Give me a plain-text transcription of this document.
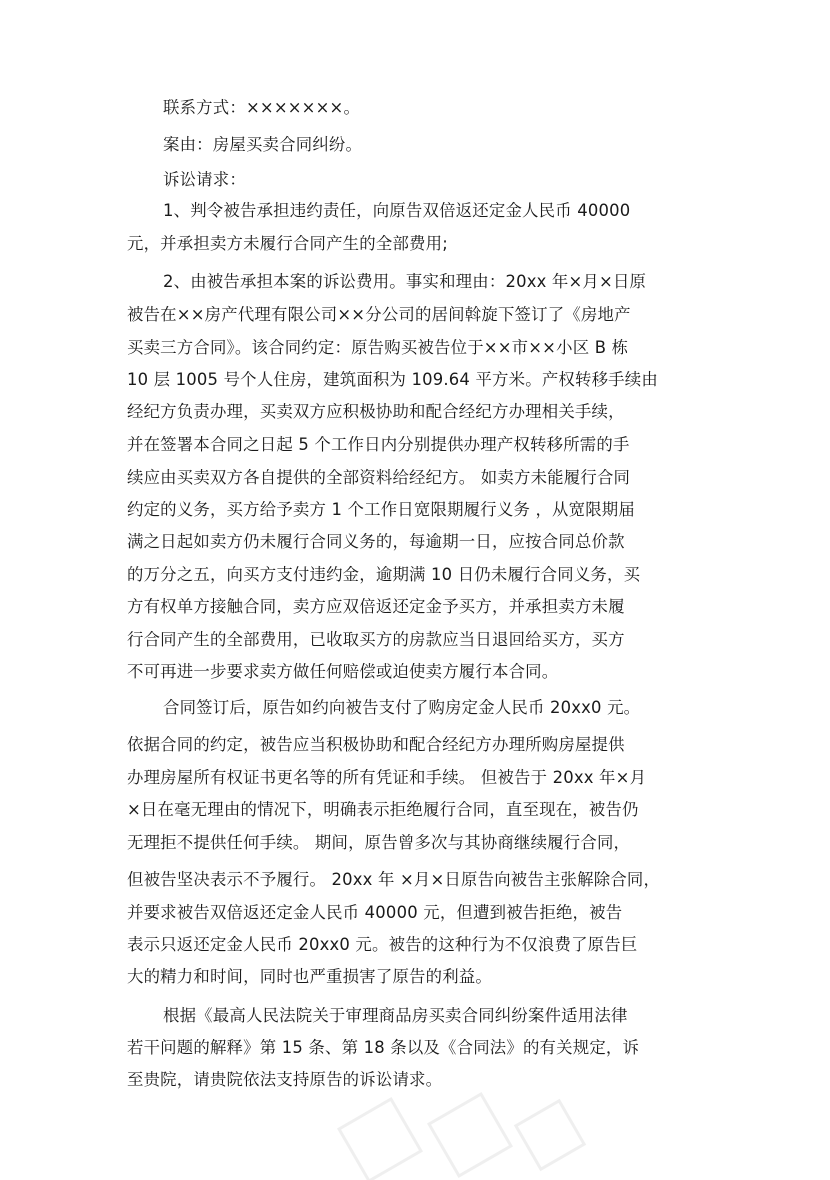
联系方式：×××××××。
案由：房屋买卖合同纠纷。
诉讼请求：
1、判令被告承担违约责任，向原告双倍返还定金人民币 40000
元，并承担卖方未履行合同产生的全部费用;
2、由被告承担本案的诉讼费用。事实和理由：20xx 年×月×日原
被告在××房产代理有限公司××分公司的居间斡旋下签订了《房地产
买卖三方合同》。该合同约定：原告购买被告位于××市××小区 B 栋
10 层 1005 号个人住房，建筑面积为 109.64 平方米。产权转移手续由
经纪方负责办理，买卖双方应积极协助和配合经纪方办理相关手续，
并在签署本合同之日起 5 个工作日内分别提供办理产权转移所需的手
续应由买卖双方各自提供的全部资料给经纪方。 如卖方未能履行合同
约定的义务，买方给予卖方 1 个工作日宽限期履行义务 ，从宽限期届
满之日起如卖方仍未履行合同义务的，每逾期一日，应按合同总价款
的万分之五，向买方支付违约金，逾期满 10 日仍未履行合同义务，买
方有权单方接触合同，卖方应双倍返还定金予买方，并承担卖方未履
行合同产生的全部费用，已收取买方的房款应当日退回给买方，买方
不可再进一步要求卖方做任何赔偿或迫使卖方履行本合同。
合同签订后，原告如约向被告支付了购房定金人民币 20xx0 元。
依据合同的约定，被告应当积极协助和配合经纪方办理所购房屋提供
办理房屋所有权证书更名等的所有凭证和手续。 但被告于 20xx 年×月
×日在毫无理由的情况下，明确表示拒绝履行合同，直至现在，被告仍
无理拒不提供任何手续。 期间，原告曾多次与其协商继续履行合同，
但被告坚决表示不予履行。 20xx 年 ×月×日原告向被告主张解除合同，
并要求被告双倍返还定金人民币 40000 元，但遭到被告拒绝，被告
表示只返还定金人民币 20xx0 元。被告的这种行为不仅浪费了原告巨
大的精力和时间，同时也严重损害了原告的利益。
根据《最高人民法院关于审理商品房买卖合同纠纷案件适用法律
若干问题的解释》第 15 条、第 18 条以及《合同法》的有关规定，诉
至贵院，请贵院依法支持原告的诉讼请求。
